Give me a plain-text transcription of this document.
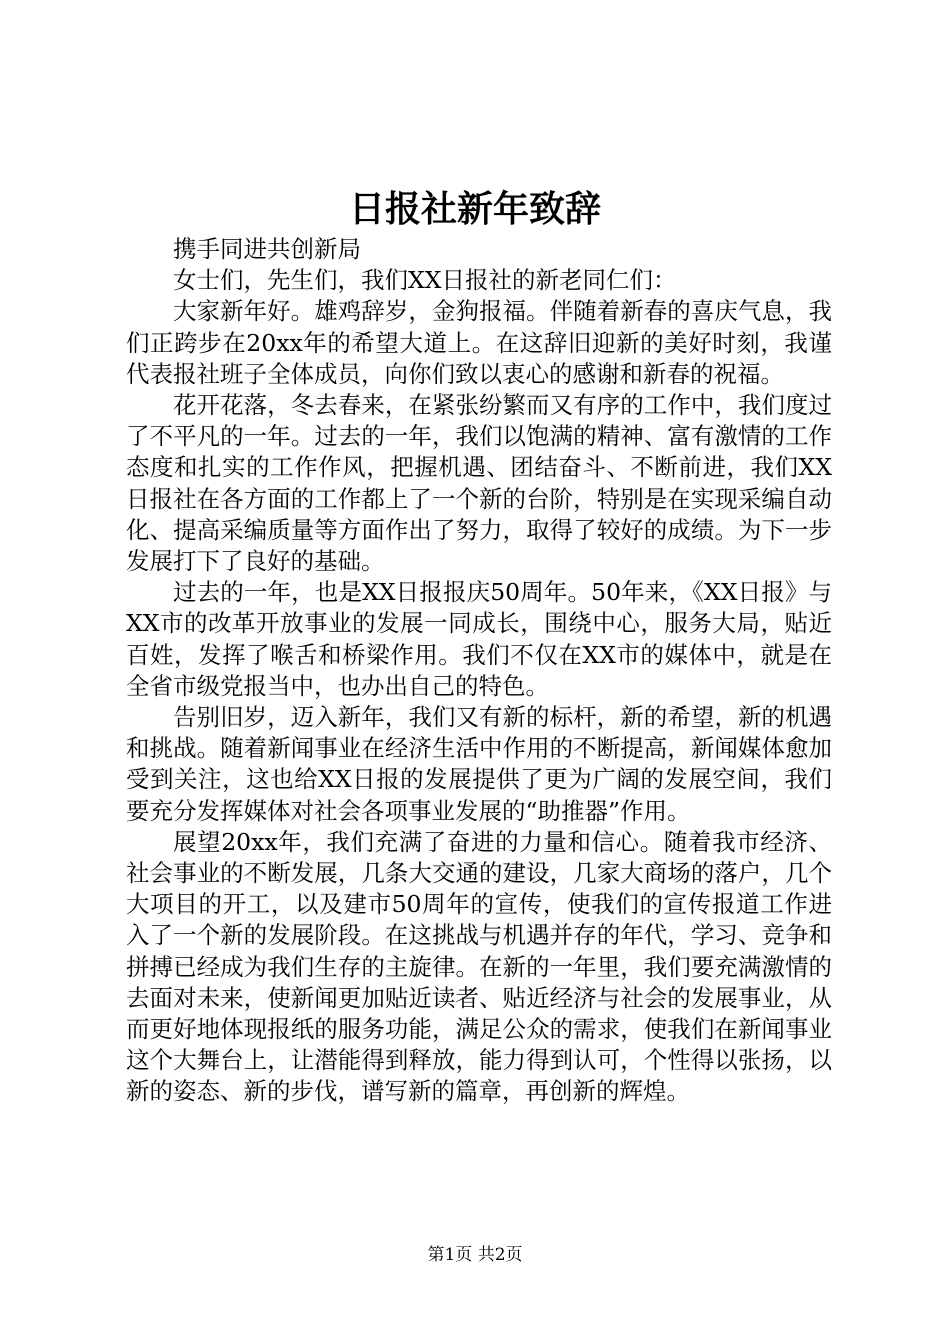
日报社新年致辞

携手同进共创新局

女士们，先生们，我们XX日报社的新老同仁们：

大家新年好。雄鸡辞岁，金狗报福。伴随着新春的喜庆气息，我们正跨步在20xx年的希望大道上。在这辞旧迎新的美好时刻，我谨代表报社班子全体成员，向你们致以衷心的感谢和新春的祝福。

花开花落，冬去春来，在紧张纷繁而又有序的工作中，我们度过了不平凡的一年。过去的一年，我们以饱满的精神、富有激情的工作态度和扎实的工作作风，把握机遇、团结奋斗、不断前进，我们XX日报社在各方面的工作都上了一个新的台阶，特别是在实现采编自动化、提高采编质量等方面作出了努力，取得了较好的成绩。为下一步发展打下了良好的基础。

过去的一年，也是XX日报报庆50周年。50年来，《XX日报》与XX市的改革开放事业的发展一同成长，围绕中心，服务大局，贴近百姓，发挥了喉舌和桥梁作用。我们不仅在XX市的媒体中，就是在全省市级党报当中，也办出自己的特色。

告别旧岁，迈入新年，我们又有新的标杆，新的希望，新的机遇和挑战。随着新闻事业在经济生活中作用的不断提高，新闻媒体愈加受到关注，这也给XX日报的发展提供了更为广阔的发展空间，我们要充分发挥媒体对社会各项事业发展的“助推器”作用。

展望20xx年，我们充满了奋进的力量和信心。随着我市经济、社会事业的不断发展，几条大交通的建设，几家大商场的落户，几个大项目的开工，以及建市50周年的宣传，使我们的宣传报道工作进入了一个新的发展阶段。在这挑战与机遇并存的年代，学习、竞争和拼搏已经成为我们生存的主旋律。在新的一年里，我们要充满激情的去面对未来，使新闻更加贴近读者、贴近经济与社会的发展事业，从而更好地体现报纸的服务功能，满足公众的需求，使我们在新闻事业这个大舞台上，让潜能得到释放，能力得到认可，个性得以张扬，以新的姿态、新的步伐，谱写新的篇章，再创新的辉煌。

第1页 共2页
